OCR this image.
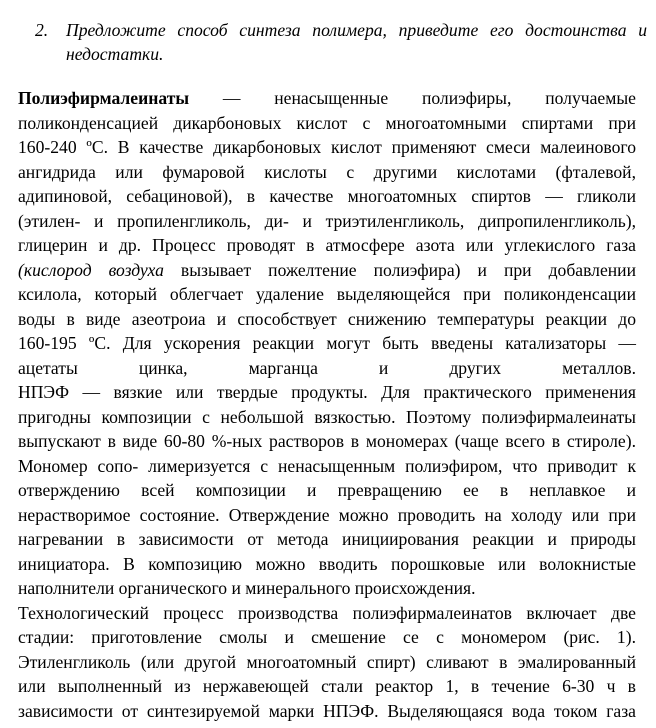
2.	Предложите способ синтеза полимера, приведите его достоинства и недостатки.
Полиэфирмалеинаты — ненасыщенные полиэфиры, получаемые
поликонденсацией дикарбоновых кислот с многоатомными спиртами при
160-240 ºС. В качестве дикарбоновых кислот применяют смеси малеинового
ангидрида или фумаровой кислоты с другими кислотами (фталевой,
адипиновой, себациновой), в качестве многоатомных спиртов — гликоли
(этилен- и пропиленгликоль, ди- и триэтиленгликоль, дипропиленгликоль),
глицерин и др. Процесс проводят в атмосфере азота или углекислого газа
(кислород воздуха вызывает пожелтение полиэфира) и при добавлении
ксилола, который облегчает удаление выделяющейся при поликонденсации
воды в виде азеотроиа и способствует снижению температуры реакции до
160-195 ºС. Для ускорения реакции могут быть введены катализаторы —
ацетаты цинка, марганца и других металлов.
НПЭФ — вязкие или твердые продукты. Для практического применения
пригодны композиции с небольшой вязкостью. Поэтому полиэфирмалеинаты
выпускают в виде 60-80 %-ных растворов в мономерах (чаще всего в стироле).
Мономер сопо- лимеризуется с ненасыщенным полиэфиром, что приводит к
отверждению всей композиции и превращению ее в неплавкое и
нерастворимое состояние. Отверждение можно проводить на холоду или при
нагревании в зависимости от метода инициирования реакции и природы
инициатора. В композицию можно вводить порошковые или волокнистые
наполнители органического и минерального происхождения.
Технологический процесс производства полиэфирмалеинатов включает две
стадии: приготовление смолы и смешение се с мономером (рис. 1).
Этиленгликоль (или другой многоатомный спирт) сливают в эмалированный
или выполненный из нержавеющей стали реактор 1, в течение 6-30 ч в
зависимости от синтезируемой марки НПЭФ. Выделяющаяся вода током газа
